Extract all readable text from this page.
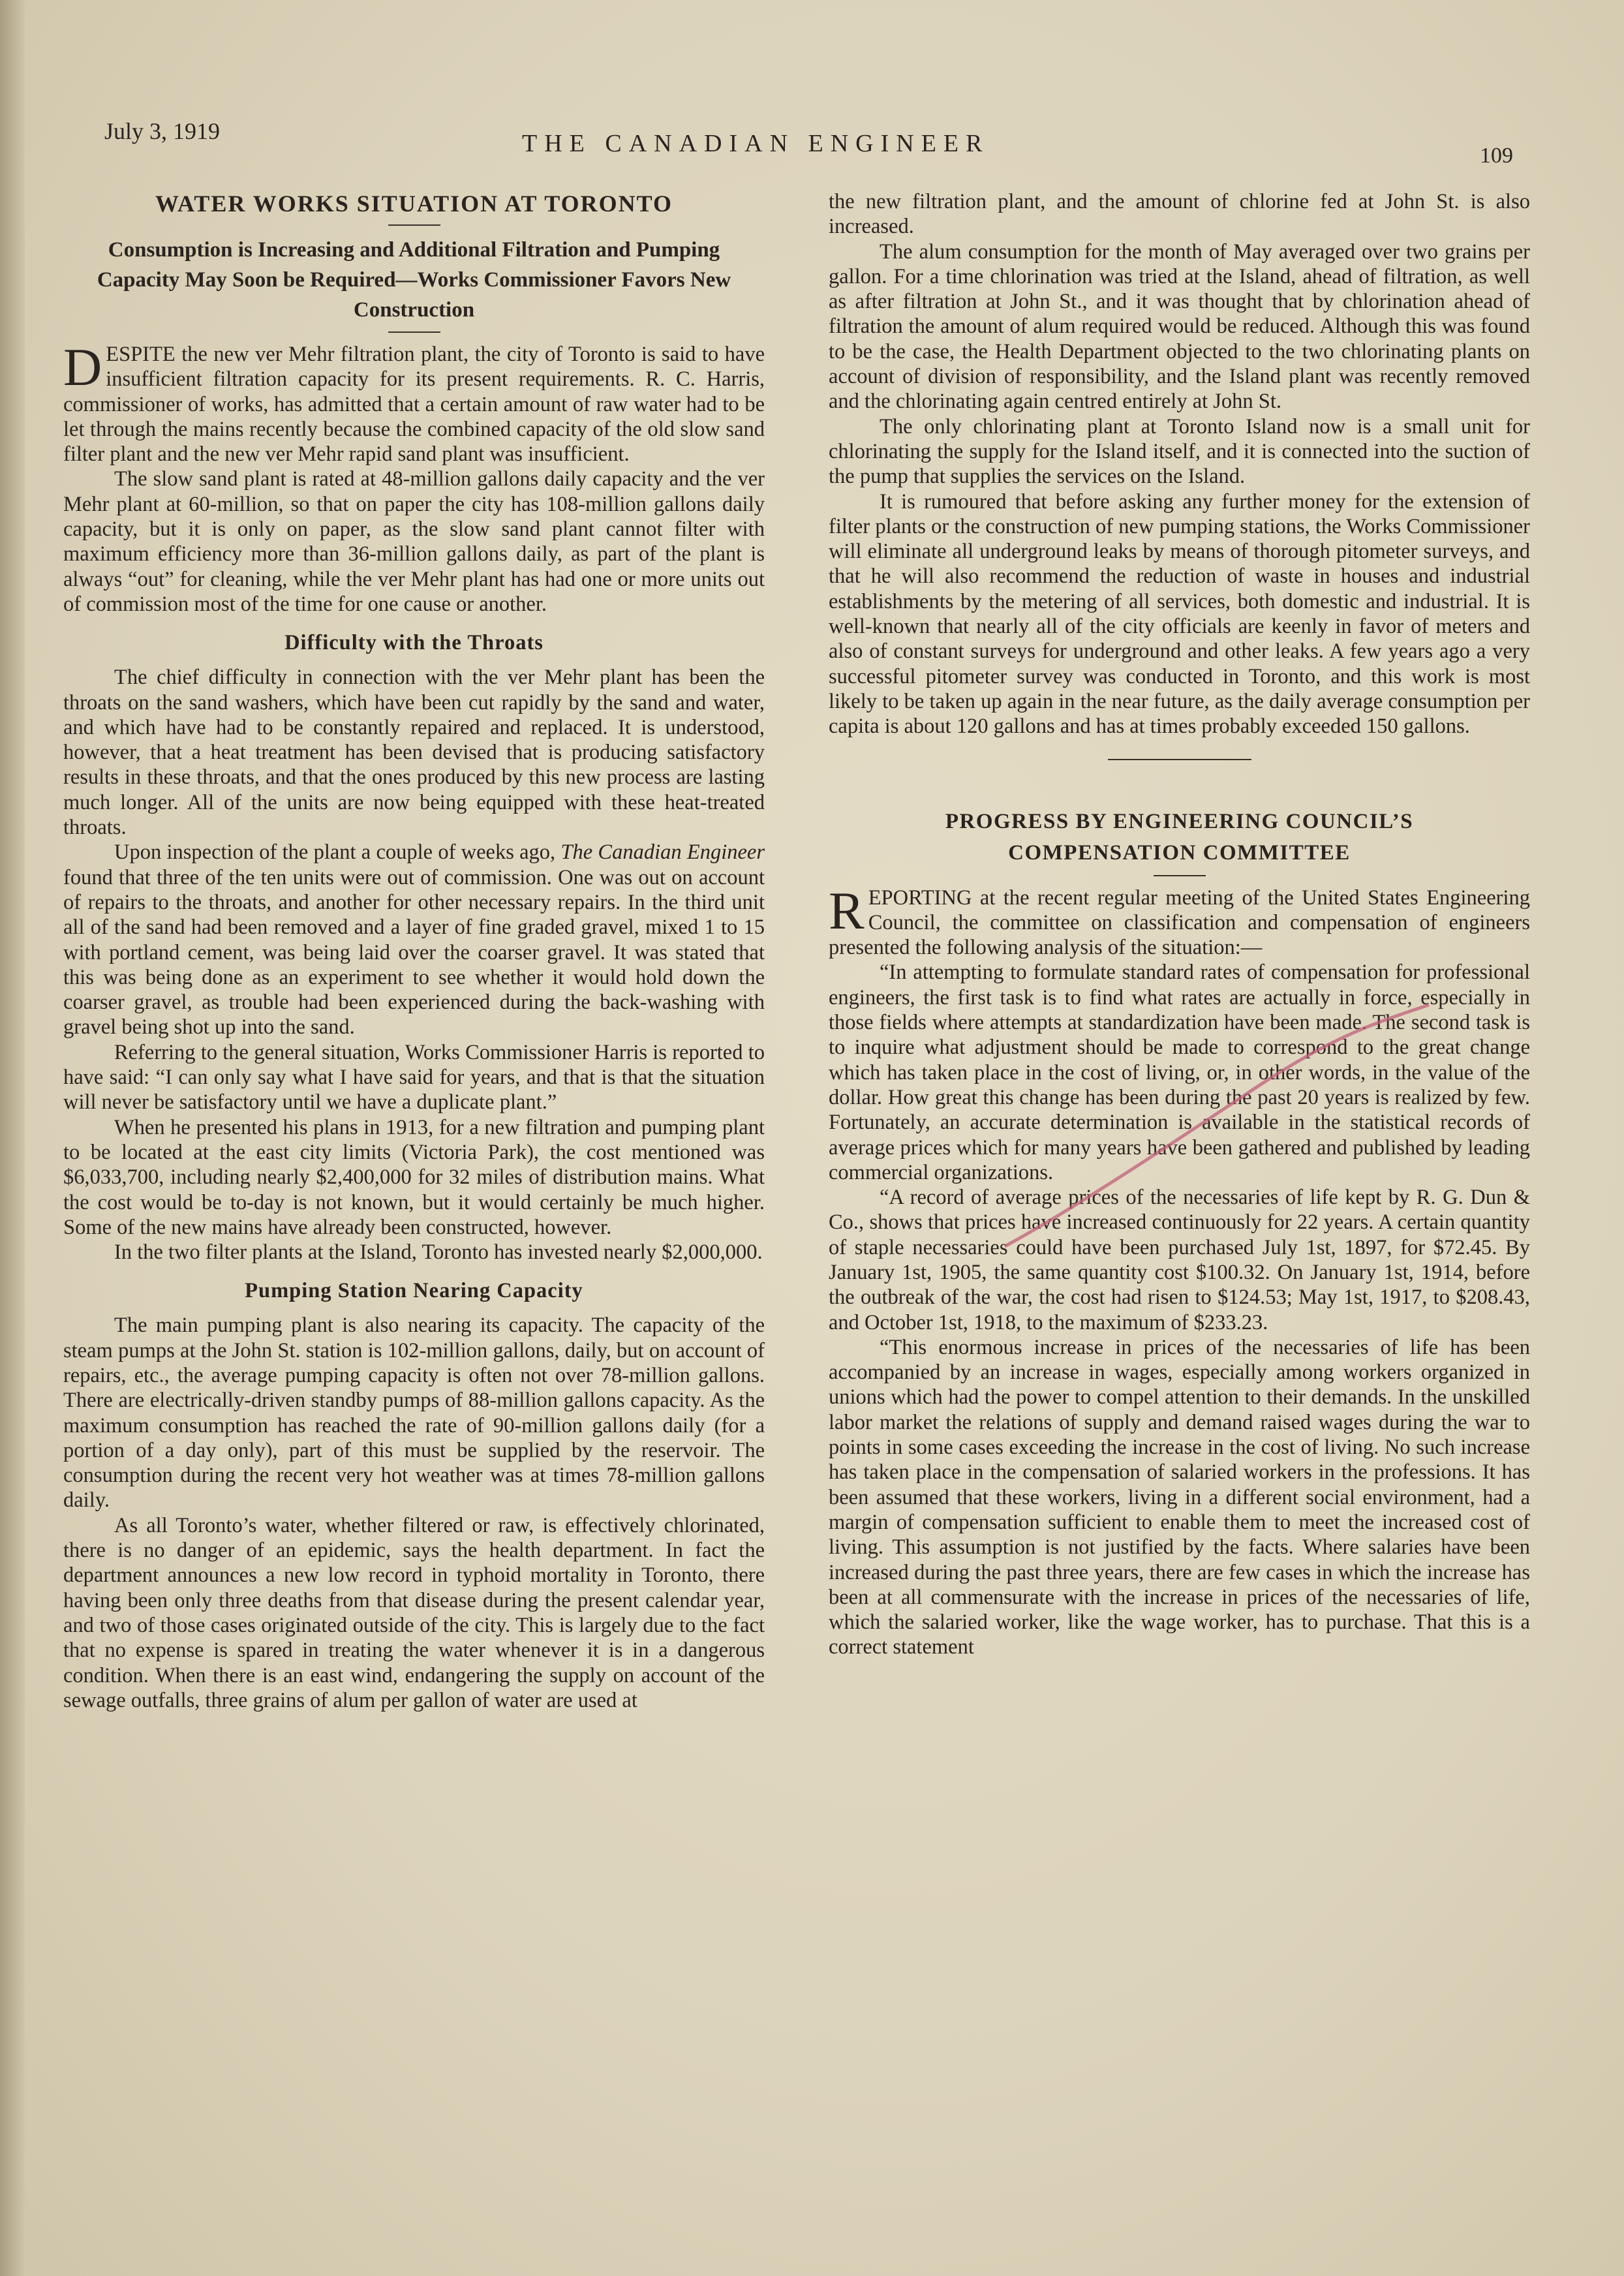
July 3, 1919	THE CANADIAN ENGINEER	109
WATER WORKS SITUATION AT TORONTO
Consumption is Increasing and Additional Filtration and Pumping Capacity May Soon be Required—Works Commissioner Favors New Construction

DESPITE the new ver Mehr filtration plant, the city of Toronto is said to have insufficient filtration capacity for its present requirements. R. C. Harris, commissioner of works, has admitted that a certain amount of raw water had to be let through the mains recently because the combined capacity of the old slow sand filter plant and the new ver Mehr rapid sand plant was insufficient.

The slow sand plant is rated at 48-million gallons daily capacity and the ver Mehr plant at 60-million, so that on paper the city has 108-million gallons daily capacity, but it is only on paper, as the slow sand plant cannot filter with maximum efficiency more than 36-million gallons daily, as part of the plant is always “out” for cleaning, while the ver Mehr plant has had one or more units out of commission most of the time for one cause or another.

Difficulty with the Throats

The chief difficulty in connection with the ver Mehr plant has been the throats on the sand washers, which have been cut rapidly by the sand and water, and which have had to be constantly repaired and replaced. It is understood, however, that a heat treatment has been devised that is producing satisfactory results in these throats, and that the ones produced by this new process are lasting much longer. All of the units are now being equipped with these heat-treated throats.

Upon inspection of the plant a couple of weeks ago, The Canadian Engineer found that three of the ten units were out of commission. One was out on account of repairs to the throats, and another for other necessary repairs. In the third unit all of the sand had been removed and a layer of fine graded gravel, mixed 1 to 15 with portland cement, was being laid over the coarser gravel. It was stated that this was being done as an experiment to see whether it would hold down the coarser gravel, as trouble had been experienced during the back-washing with gravel being shot up into the sand.

Referring to the general situation, Works Commissioner Harris is reported to have said: “I can only say what I have said for years, and that is that the situation will never be satisfactory until we have a duplicate plant.”

When he presented his plans in 1913, for a new filtration and pumping plant to be located at the east city limits (Victoria Park), the cost mentioned was $6,033,700, including nearly $2,400,000 for 32 miles of distribution mains. What the cost would be to-day is not known, but it would certainly be much higher. Some of the new mains have already been constructed, however.

In the two filter plants at the Island, Toronto has invested nearly $2,000,000.

Pumping Station Nearing Capacity

The main pumping plant is also nearing its capacity. The capacity of the steam pumps at the John St. station is 102-million gallons, daily, but on account of repairs, etc., the average pumping capacity is often not over 78-million gallons. There are electrically-driven standby pumps of 88-million gallons capacity. As the maximum consumption has reached the rate of 90-million gallons daily (for a portion of a day only), part of this must be supplied by the reservoir. The consumption during the recent very hot weather was at times 78-million gallons daily.

As all Toronto’s water, whether filtered or raw, is effectively chlorinated, there is no danger of an epidemic, says the health department. In fact the department announces a new low record in typhoid mortality in Toronto, there having been only three deaths from that disease during the present calendar year, and two of those cases originated outside of the city. This is largely due to the fact that no expense is spared in treating the water whenever it is in a dangerous condition. When there is an east wind, endangering the supply on account of the sewage outfalls, three grains of alum per gallon of water are used at

the new filtration plant, and the amount of chlorine fed at John St. is also increased.

The alum consumption for the month of May averaged over two grains per gallon. For a time chlorination was tried at the Island, ahead of filtration, as well as after filtration at John St., and it was thought that by chlorination ahead of filtration the amount of alum required would be reduced. Although this was found to be the case, the Health Department objected to the two chlorinating plants on account of division of responsibility, and the Island plant was recently removed and the chlorinating again centred entirely at John St.

The only chlorinating plant at Toronto Island now is a small unit for chlorinating the supply for the Island itself, and it is connected into the suction of the pump that supplies the services on the Island.

It is rumoured that before asking any further money for the extension of filter plants or the construction of new pumping stations, the Works Commissioner will eliminate all underground leaks by means of thorough pitometer surveys, and that he will also recommend the reduction of waste in houses and industrial establishments by the metering of all services, both domestic and industrial. It is well-known that nearly all of the city officials are keenly in favor of meters and also of constant surveys for underground and other leaks. A few years ago a very successful pitometer survey was conducted in Toronto, and this work is most likely to be taken up again in the near future, as the daily average consumption per capita is about 120 gallons and has at times probably exceeded 150 gallons.

PROGRESS BY ENGINEERING COUNCIL’S
COMPENSATION COMMITTEE

REPORTING at the recent regular meeting of the United States Engineering Council, the committee on classification and compensation of engineers presented the following analysis of the situation:—

“In attempting to formulate standard rates of compensation for professional engineers, the first task is to find what rates are actually in force, especially in those fields where attempts at standardization have been made. The second task is to inquire what adjustment should be made to correspond to the great change which has taken place in the cost of living, or, in other words, in the value of the dollar. How great this change has been during the past 20 years is realized by few. Fortunately, an accurate determination is available in the statistical records of average prices which for many years have been gathered and published by leading commercial organizations.

“A record of average prices of the necessaries of life kept by R. G. Dun & Co., shows that prices have increased continuously for 22 years. A certain quantity of staple necessaries could have been purchased July 1st, 1897, for $72.45. By January 1st, 1905, the same quantity cost $100.32. On January 1st, 1914, before the outbreak of the war, the cost had risen to $124.53; May 1st, 1917, to $208.43, and October 1st, 1918, to the maximum of $233.23.

“This enormous increase in prices of the necessaries of life has been accompanied by an increase in wages, especially among workers organized in unions which had the power to compel attention to their demands. In the unskilled labor market the relations of supply and demand raised wages during the war to points in some cases exceeding the increase in the cost of living. No such increase has taken place in the compensation of salaried workers in the professions. It has been assumed that these workers, living in a different social environment, had a margin of compensation sufficient to enable them to meet the increased cost of living. This assumption is not justified by the facts. Where salaries have been increased during the past three years, there are few cases in which the increase has been at all commensurate with the increase in prices of the necessaries of life, which the salaried worker, like the wage worker, has to purchase. That this is a correct statement
